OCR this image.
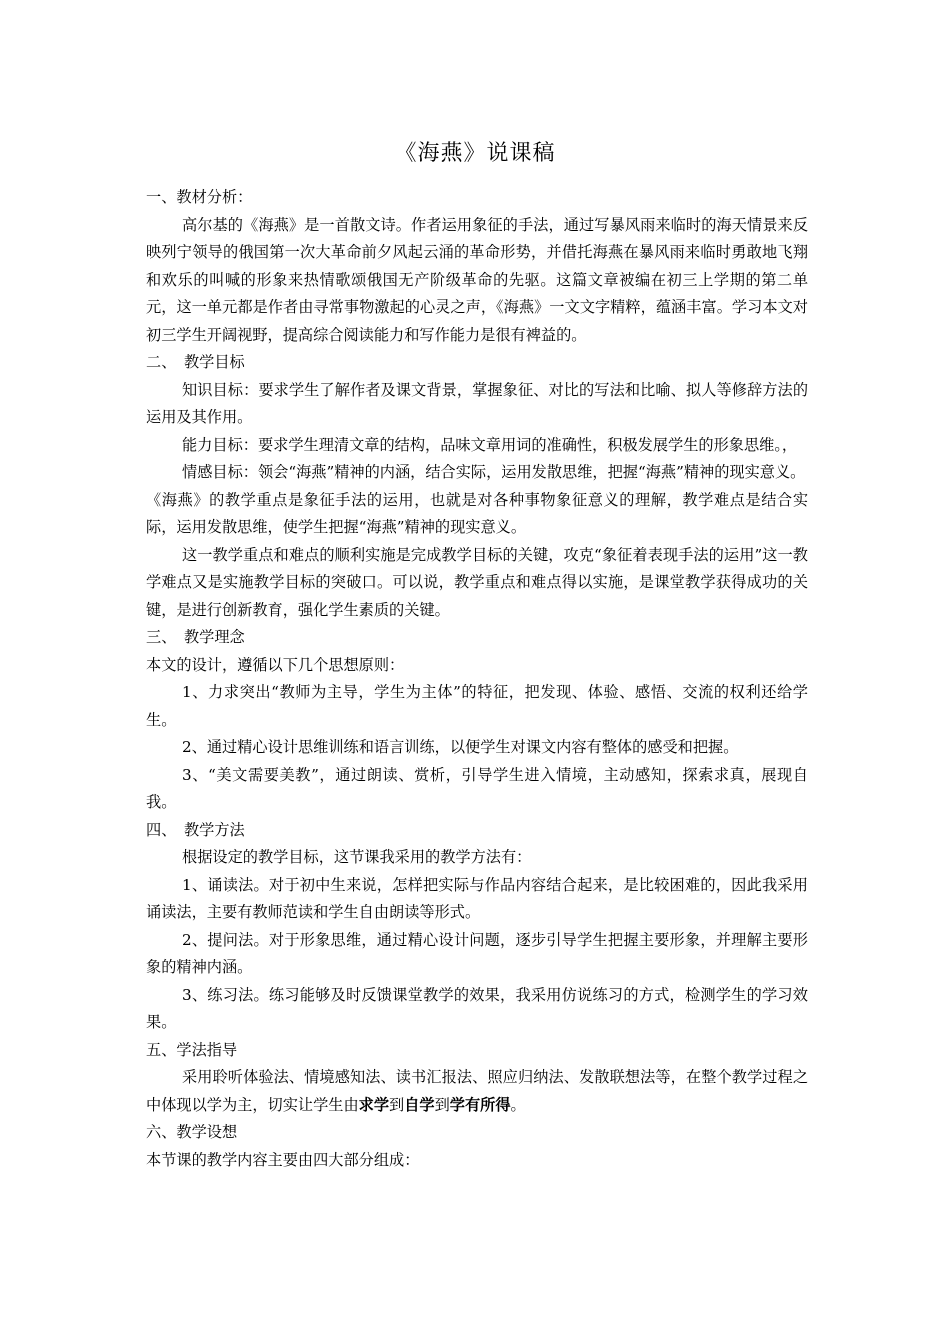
《海燕》说课稿

一、教材分析：

高尔基的《海燕》是一首散文诗。作者运用象征的手法，通过写暴风雨来临时的海天情景来反映列宁领导的俄国第一次大革命前夕风起云涌的革命形势，并借托海燕在暴风雨来临时勇敢地飞翔和欢乐的叫喊的形象来热情歌颂俄国无产阶级革命的先驱。这篇文章被编在初三上学期的第二单元，这一单元都是作者由寻常事物激起的心灵之声，《海燕》一文文字精粹，蕴涵丰富。学习本文对初三学生开阔视野，提高综合阅读能力和写作能力是很有裨益的。

二、　教学目标

知识目标：要求学生了解作者及课文背景，掌握象征、对比的写法和比喻、拟人等修辞方法的运用及其作用。

能力目标：要求学生理清文章的结构，品味文章用词的准确性，积极发展学生的形象思维。，

情感目标：领会“海燕”精神的内涵，结合实际，运用发散思维，把握“海燕”精神的现实意义。

《海燕》的教学重点是象征手法的运用，也就是对各种事物象征意义的理解，教学难点是结合实际，运用发散思维，使学生把握“海燕”精神的现实意义。

这一教学重点和难点的顺利实施是完成教学目标的关键，攻克“象征着表现手法的运用”这一教学难点又是实施教学目标的突破口。可以说，教学重点和难点得以实施，是课堂教学获得成功的关键，是进行创新教育，强化学生素质的关键。

三、　教学理念

本文的设计，遵循以下几个思想原则：

1、力求突出“教师为主导，学生为主体”的特征，把发现、体验、感悟、交流的权利还给学生。

2、通过精心设计思维训练和语言训练，以便学生对课文内容有整体的感受和把握。

3、“美文需要美教”，通过朗读、赏析，引导学生进入情境，主动感知，探索求真，展现自我。

四、　教学方法

根据设定的教学目标，这节课我采用的教学方法有：

1、诵读法。对于初中生来说，怎样把实际与作品内容结合起来，是比较困难的，因此我采用诵读法，主要有教师范读和学生自由朗读等形式。

2、提问法。对于形象思维，通过精心设计问题，逐步引导学生把握主要形象，并理解主要形象的精神内涵。

3、练习法。练习能够及时反馈课堂教学的效果，我采用仿说练习的方式，检测学生的学习效果。

五、学法指导

采用聆听体验法、情境感知法、读书汇报法、照应归纳法、发散联想法等，在整个教学过程之中体现以学为主，切实让学生由求学到自学到学有所得。

六、教学设想

本节课的教学内容主要由四大部分组成：
